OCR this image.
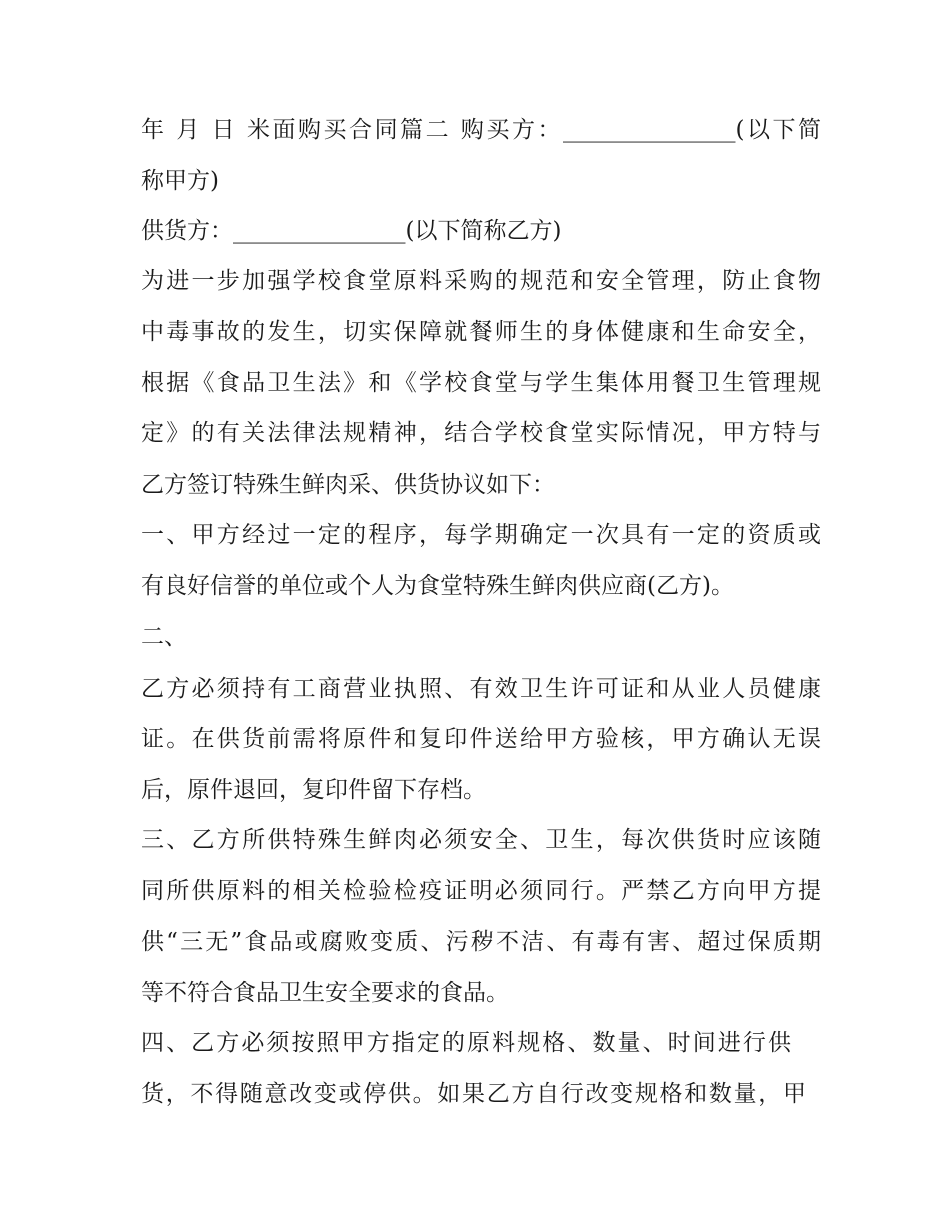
年 月 日 米面购买合同篇二 购买方：_______________(以下简

称甲方)

供货方：_______________(以下简称乙方)

为进一步加强学校食堂原料采购的规范和安全管理，防止食物

中毒事故的发生，切实保障就餐师生的身体健康和生命安全，

根据《食品卫生法》和《学校食堂与学生集体用餐卫生管理规

定》的有关法律法规精神，结合学校食堂实际情况，甲方特与

乙方签订特殊生鲜肉采、供货协议如下：

一、甲方经过一定的程序，每学期确定一次具有一定的资质或

有良好信誉的单位或个人为食堂特殊生鲜肉供应商(乙方)。

二、

乙方必须持有工商营业执照、有效卫生许可证和从业人员健康

证。在供货前需将原件和复印件送给甲方验核，甲方确认无误

后，原件退回，复印件留下存档。

三、乙方所供特殊生鲜肉必须安全、卫生，每次供货时应该随

同所供原料的相关检验检疫证明必须同行。严禁乙方向甲方提

供“三无”食品或腐败变质、污秽不洁、有毒有害、超过保质期

等不符合食品卫生安全要求的食品。

四、乙方必须按照甲方指定的原料规格、数量、时间进行供

货，不得随意改变或停供。如果乙方自行改变规格和数量，甲
